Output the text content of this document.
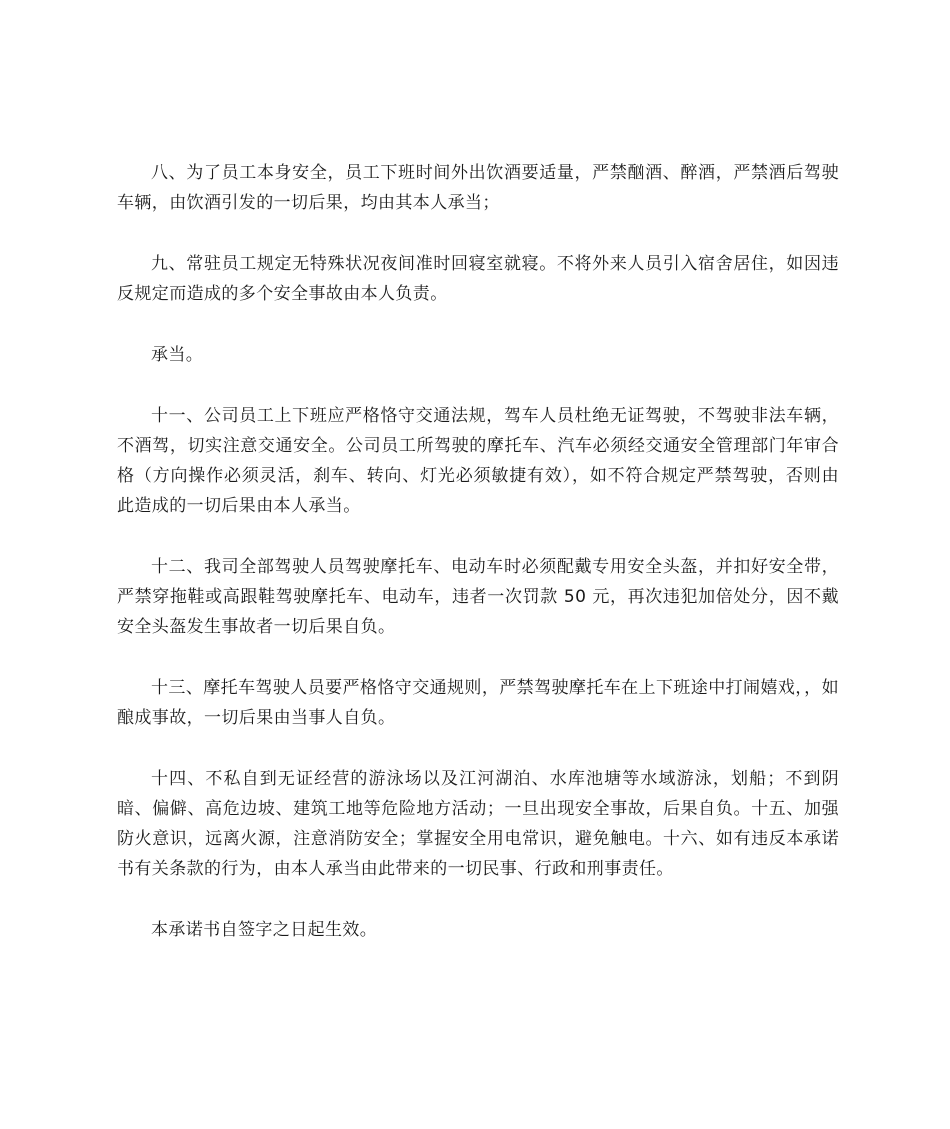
八、为了员工本身安全，员工下班时间外出饮酒要适量，严禁酗酒、醉酒，严禁酒后驾驶车辆，由饮酒引发的一切后果，均由其本人承当；

九、常驻员工规定无特殊状况夜间准时回寝室就寝。不将外来人员引入宿舍居住，如因违反规定而造成的多个安全事故由本人负责。

承当。

十一、公司员工上下班应严格恪守交通法规，驾车人员杜绝无证驾驶，不驾驶非法车辆，不酒驾，切实注意交通安全。公司员工所驾驶的摩托车、汽车必须经交通安全管理部门年审合格（方向操作必须灵活，刹车、转向、灯光必须敏捷有效），如不符合规定严禁驾驶，否则由此造成的一切后果由本人承当。

十二、我司全部驾驶人员驾驶摩托车、电动车时必须配戴专用安全头盔，并扣好安全带，严禁穿拖鞋或高跟鞋驾驶摩托车、电动车，违者一次罚款 50 元，再次违犯加倍处分，因不戴安全头盔发生事故者一切后果自负。

十三、摩托车驾驶人员要严格恪守交通规则，严禁驾驶摩托车在上下班途中打闹嬉戏，，如酿成事故，一切后果由当事人自负。

十四、不私自到无证经营的游泳场以及江河湖泊、水库池塘等水域游泳，划船；不到阴暗、偏僻、高危边坡、建筑工地等危险地方活动；一旦出现安全事故，后果自负。十五、加强防火意识，远离火源，注意消防安全；掌握安全用电常识，避免触电。十六、如有违反本承诺书有关条款的行为，由本人承当由此带来的一切民事、行政和刑事责任。

本承诺书自签字之日起生效。
